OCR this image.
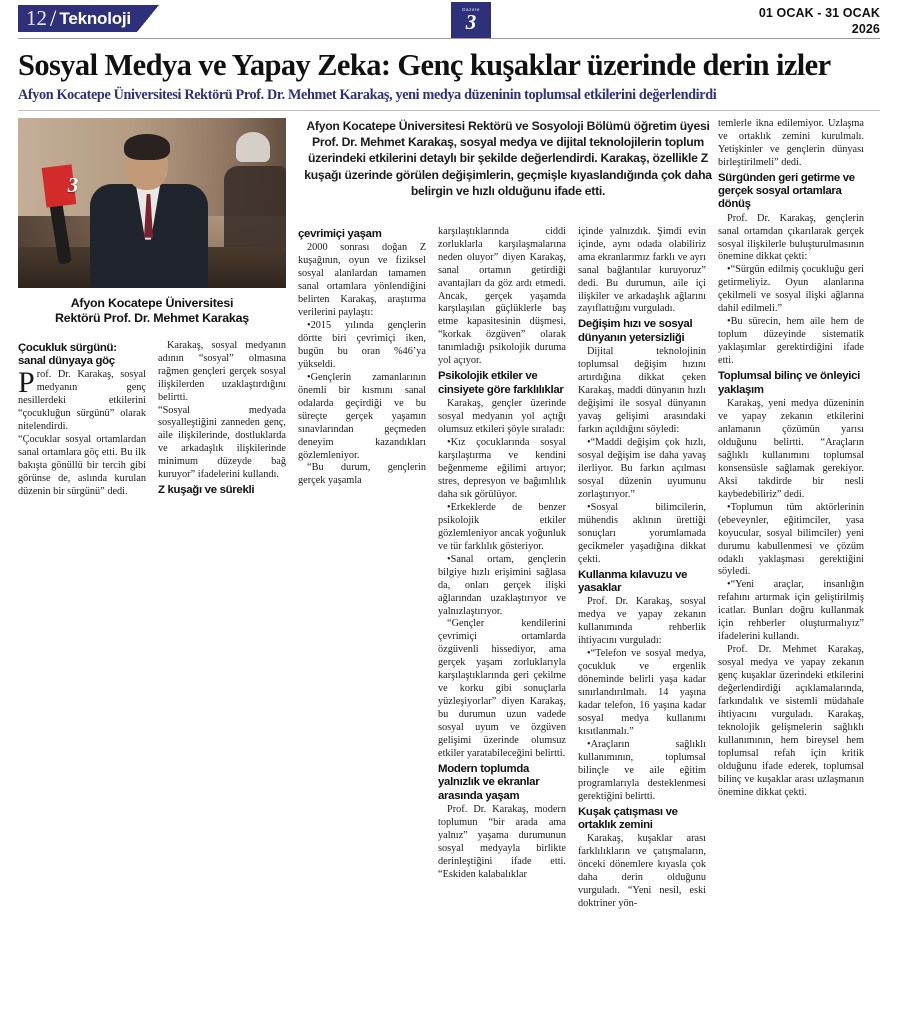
12 / Teknoloji	Gazete
3	01 OCAK - 31 OCAK
2026
Sosyal Medya ve Yapay Zeka: Genç kuşaklar üzerinde derin izler
Afyon Kocatepe Üniversitesi Rektörü Prof. Dr. Mehmet Karakaş, yeni medya düzeninin toplumsal etkilerini değerlendirdi
3
Afyon Kocatepe Üniversitesi
Rektörü Prof. Dr. Mehmet Karakaş
Afyon Kocatepe Üniversitesi Rektörü ve Sosyoloji Bölümü öğretim üyesi Prof. Dr. Mehmet Karakaş, sosyal medya ve dijital teknolojilerin toplum üzerindeki etkilerini detaylı bir şekilde değerlendirdi. Karakaş, özellikle Z kuşağı üzerinde görülen değişimlerin, geçmişle kıyaslandığında çok daha belirgin ve hızlı olduğunu ifade etti.
Çocukluk sürgünü: sanal dünyaya göç

Prof. Dr. Karakaş, sosyal medyanın genç nesillerdeki etkilerini “çocukluğun sürgünü” olarak nitelendirdi.

“Çocuklar sosyal ortamlardan sanal ortamlara göç etti. Bu ilk bakışta gönüllü bir tercih gibi görünse de, aslında kurulan düzenin bir sürgünü” dedi.

Karakaş, sosyal medyanın adının “sosyal” olmasına rağmen gençleri gerçek sosyal ilişkilerden uzaklaştırdığını belirtti.

“Sosyal medyada sosyalleştiğini zanneden genç, aile ilişkilerinde, dostluklarda ve arkadaşlık ilişkilerinde minimum düzeyde bağ kuruyor” ifadelerini kullandı.

Z kuşağı ve sürekli
çevrimiçi yaşam

2000 sonrası doğan Z kuşağının, oyun ve fiziksel sosyal alanlardan tamamen sanal ortamlara yönlendiğini belirten Karakaş, araştırma verilerini paylaştı:

•2015 yılında gençlerin dörtte biri çevrimiçi iken, bugün bu oran %46’ya yükseldi.

•Gençlerin zamanlarının önemli bir kısmını sanal odalarda geçirdiği ve bu süreçte gerçek yaşamın sınavlarından geçmeden deneyim kazandıkları gözlemleniyor.

“Bu durum, gençlerin gerçek yaşamla

karşılaştıklarında ciddi zorluklarla karşılaşmalarına neden oluyor” diyen Karakaş, sanal ortamın getirdiği avantajları da göz ardı etmedi. Ancak, gerçek yaşamda karşılaşılan güçlüklerle baş etme kapasitesinin düşmesi, “korkak özgüven” olarak tanımladığı psikolojik duruma yol açıyor.

Psikolojik etkiler ve cinsiyete göre farklılıklar

Karakaş, gençler üzerinde sosyal medyanın yol açtığı olumsuz etkileri şöyle sıraladı:

•Kız çocuklarında sosyal karşılaştırma ve kendini beğenmeme eğilimi artıyor; stres, depresyon ve bağımlılık daha sık görülüyor.

•Erkeklerde de benzer psikolojik etkiler gözlemleniyor ancak yoğunluk ve tür farklılık gösteriyor.

•Sanal ortam, gençlerin bilgiye hızlı erişimini sağlasa da, onları gerçek ilişki ağlarından uzaklaştırıyor ve yalnızlaştırıyor.

“Gençler kendilerini çevrimiçi ortamlarda özgüvenli hissediyor, ama gerçek yaşam zorluklarıyla karşılaştıklarında geri çekilme ve korku gibi sonuçlarla yüzleşiyorlar” diyen Karakaş, bu durumun uzun vadede sosyal uyum ve özgüven gelişimi üzerinde olumsuz etkiler yaratabileceğini belirtti.

Modern toplumda yalnızlık ve ekranlar arasında yaşam

Prof. Dr. Karakaş, modern toplumun “bir arada ama yalnız” yaşama durumunun sosyal medyayla birlikte derinleştiğini ifade etti. “Eskiden kalabalıklar

içinde yalnızdık. Şimdi evin içinde, aynı odada olabiliriz ama ekranlarımız farklı ve ayrı sanal bağlantılar kuruyoruz” dedi. Bu durumun, aile içi ilişkiler ve arkadaşlık ağlarını zayıflattığını vurguladı.

Değişim hızı ve sosyal dünyanın yetersizliği

Dijital teknolojinin toplumsal değişim hızını artırdığına dikkat çeken Karakaş, maddi dünyanın hızlı değişimi ile sosyal dünyanın yavaş gelişimi arasındaki farkın açıldığını söyledi:

•“Maddi değişim çok hızlı, sosyal değişim ise daha yavaş ilerliyor. Bu farkın açılması sosyal düzenin uyumunu zorlaştırıyor.”

•Sosyal bilimcilerin, mühendis aklının ürettiği sonuçları yorumlamada gecikmeler yaşadığına dikkat çekti.

Kullanma kılavuzu ve yasaklar

Prof. Dr. Karakaş, sosyal medya ve yapay zekanın kullanımında rehberlik ihtiyacını vurguladı:

•“Telefon ve sosyal medya, çocukluk ve ergenlik döneminde belirli yaşa kadar sınırlandırılmalı. 14 yaşına kadar telefon, 16 yaşına kadar sosyal medya kullanımı kısıtlanmalı.”

•Araçların sağlıklı kullanımının, toplumsal bilinçle ve aile eğitim programlarıyla desteklenmesi gerektiğini belirtti.

Kuşak çatışması ve ortaklık zemini

Karakaş, kuşaklar arası farklılıkların ve çatışmaların, önceki dönemlere kıyasla çok daha derin olduğunu vurguladı. “Yeni nesil, eski doktriner yön-

temlerle ikna edilemiyor. Uzlaşma ve ortaklık zemini kurulmalı. Yetişkinler ve gençlerin dünyası birleştirilmeli” dedi.

Sürgünden geri getirme ve gerçek sosyal ortamlara dönüş

Prof. Dr. Karakaş, gençlerin sanal ortamdan çıkarılarak gerçek sosyal ilişkilerle buluşturulmasının önemine dikkat çekti:

•“Sürgün edilmiş çocukluğu geri getirmeliyiz. Oyun alanlarına çekilmeli ve sosyal ilişki ağlarına dahil edilmeli.”

•Bu sürecin, hem aile hem de toplum düzeyinde sistematik yaklaşımlar gerektirdiğini ifade etti.

Toplumsal bilinç ve önleyici yaklaşım

Karakaş, yeni medya düzeninin ve yapay zekanın etkilerini anlamanın çözümün yarısı olduğunu belirtti. “Araçların sağlıklı kullanımını toplumsal konsensüsle sağlamak gerekiyor. Aksi takdirde bir nesli kaybedebiliriz” dedi.

•Toplumun tüm aktörlerinin (ebeveynler, eğitimciler, yasa koyucular, sosyal bilimciler) yeni durumu kabullenmesi ve çözüm odaklı yaklaşması gerektiğini söyledi.

•“Yeni araçlar, insanlığın refahını artırmak için geliştirilmiş icatlar. Bunları doğru kullanmak için rehberler oluşturmalıyız” ifadelerini kullandı.

Prof. Dr. Mehmet Karakaş, sosyal medya ve yapay zekanın genç kuşaklar üzerindeki etkilerini değerlendirdiği açıklamalarında, farkındalık ve sistemli müdahale ihtiyacını vurguladı. Karakaş, teknolojik gelişmelerin sağlıklı kullanımının, hem bireysel hem toplumsal refah için kritik olduğunu ifade ederek, toplumsal bilinç ve kuşaklar arası uzlaşmanın önemine dikkat çekti.
